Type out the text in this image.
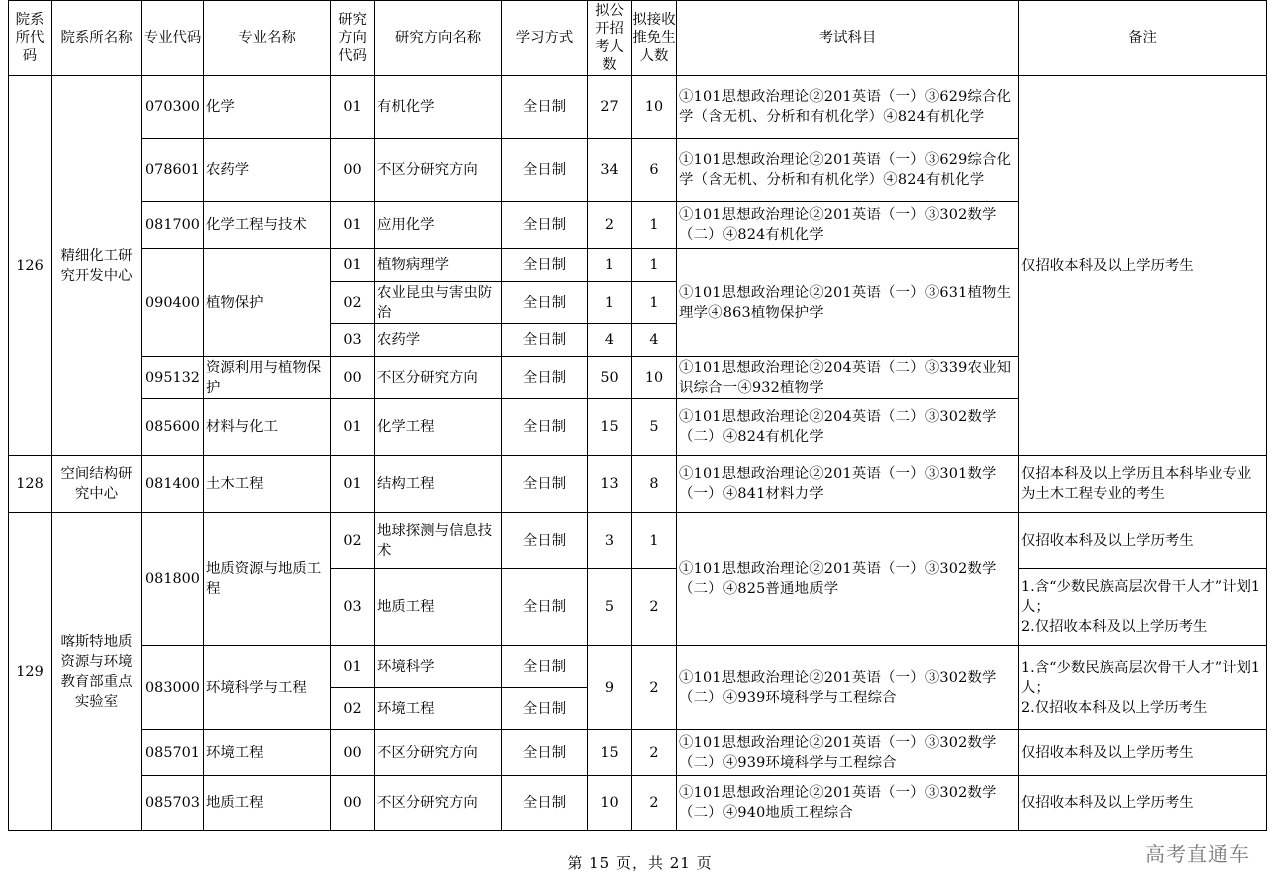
院系所代码	院系所名称	专业代码	专业名称	研究方向代码	研究方向名称	学习方式	拟公开招考人数	拟接收推免生人数	考试科目	备注
126	精细化工研究开发中心	070300	化学	01	有机化学	全日制	27	10	①101思想政治理论②201英语（一）③629综合化学（含无机、分析和有机化学）④824有机化学	仅招收本科及以上学历考生
		078601	农药学	00	不区分研究方向	全日制	34	6	①101思想政治理论②201英语（一）③629综合化学（含无机、分析和有机化学）④824有机化学	
		081700	化学工程与技术	01	应用化学	全日制	2	1	①101思想政治理论②201英语（一）③302数学（二）④824有机化学	
		090400	植物保护	01	植物病理学	全日制	1	1	①101思想政治理论②201英语（一）③631植物生理学④863植物保护学	
				02	农业昆虫与害虫防治	全日制	1	1		
				03	农药学	全日制	4	4		
		095132	资源利用与植物保护	00	不区分研究方向	全日制	50	10	①101思想政治理论②204英语（二）③339农业知识综合一④932植物学	
		085600	材料与化工	01	化学工程	全日制	15	5	①101思想政治理论②204英语（二）③302数学（二）④824有机化学	
128	空间结构研究中心	081400	土木工程	01	结构工程	全日制	13	8	①101思想政治理论②201英语（一）③301数学（一）④841材料力学	仅招本科及以上学历且本科毕业专业为土木工程专业的考生
129	喀斯特地质资源与环境教育部重点实验室	081800	地质资源与地质工程	02	地球探测与信息技术	全日制	3	1	①101思想政治理论②201英语（一）③302数学（二）④825普通地质学	仅招收本科及以上学历考生
				03	地质工程	全日制	5	2		1.含“少数民族高层次骨干人才”计划1人；
2.仅招收本科及以上学历考生

		083000	环境科学与工程	01	环境科学	全日制	9	2	①101思想政治理论②201英语（一）③302数学（二）④939环境科学与工程综合	1.含“少数民族高层次骨干人才”计划1人；
2.仅招收本科及以上学历考生

				02	环境工程	全日制				
		085701	环境工程	00	不区分研究方向	全日制	15	2	①101思想政治理论②201英语（一）③302数学（二）④939环境科学与工程综合	仅招收本科及以上学历考生
		085703	地质工程	00	不区分研究方向	全日制	10	2	①101思想政治理论②201英语（一）③302数学（二）④940地质工程综合	仅招收本科及以上学历考生
第 15 页，共 21 页	高考直通车
